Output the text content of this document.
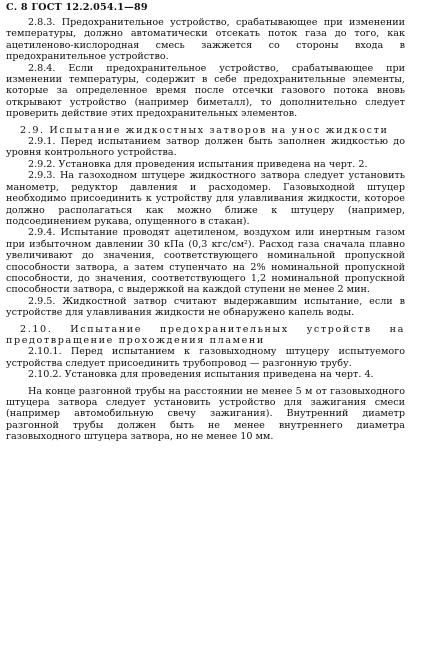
С. 8 ГОСТ 12.2.054.1—89

2.8.3. Предохранительное устройство, срабатывающее при изменении температуры, должно автоматически отсекать поток газа до того, как ацетиленово-кислородная смесь зажжется со стороны входа в предохранительное устройство.

2.8.4. Если предохранительное устройство, срабатывающее при изменении температуры, содержит в себе предохранительные элементы, которые за определенное время после отсечки газового потока вновь открывают устройство (например биметалл), то дополнительно следует проверить действие этих предохранительных элементов.

2.9. Испытание жидкостных затворов на унос жидкости

2.9.1. Перед испытанием затвор должен быть заполнен жидкостью до уровня контрольного устройства.

2.9.2. Установка для проведения испытания приведена на черт. 2.

2.9.3. На газоходном штуцере жидкостного затвора следует установить манометр, редуктор давления и расходомер. Газовыходной штуцер необходимо присоединить к устройству для улавливания жидкости, которое должно располагаться как можно ближе к штуцеру (например, подсоединением рукава, опущенного в стакан).

2.9.4. Испытание проводят ацетиленом, воздухом или инертным газом при избыточном давлении 30 кПа (0,3 кгс/см²). Расход газа сначала плавно увеличивают до значения, соответствующего номинальной пропускной способности затвора, а затем ступенчато на 2% номинальной пропускной способности, до значения, соответствующего 1,2 номинальной пропускной способности затвора, с выдержкой на каждой ступени не менее 2 мин.

2.9.5. Жидкостной затвор считают выдержавшим испытание, если в устройстве для улавливания жидкости не обнаружено капель воды.

2.10. Испытание предохранительных устройств на предотвращение прохождения пламени

2.10.1. Перед испытанием к газовыходному штуцеру испытуемого устройства следует присоединить трубопровод — разгонную трубу.

2.10.2. Установка для проведения испытания приведена на черт. 4.

На конце разгонной трубы на расстоянии не менее 5 м от газовыходного штуцера затвора следует установить устройство для зажигания смеси (например автомобильную свечу зажигания). Внутренний диаметр разгонной трубы должен быть не менее внутреннего диаметра газовыходного штуцера затвора, но не менее 10 мм.
